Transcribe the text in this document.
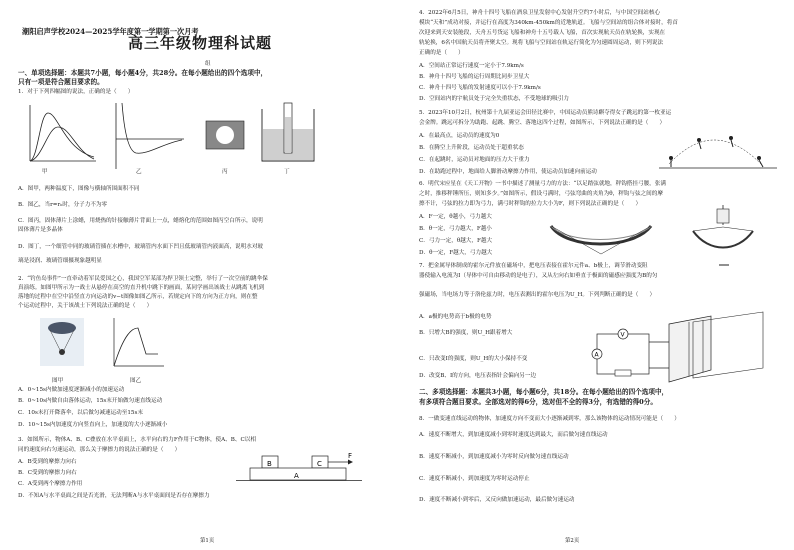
潮阳启声学校2024—2025学年度第一学期第一次月考
高三年级物理科试题
组
一、单项选择题：本题共7小题，每小题4分，共28分。在每小题给出的四个选项中，
只有一项是符合题目要求的。
1．对于下列四幅图的说法，正确的是（　　）
甲	乙	丙	丁
A．图甲，两种温度下，图像与横轴所围面积不同
B．图乙，当r=r₀时，分子力不为零
C．图丙，固体薄片上涂蜡，用烧热的针接触薄片背面上一点，蜡熔化的范围如图丙空白所示，说明
固体薄片是多晶体
D．图丁，一个细管中同的玻璃管插在水槽中，玻璃管内水面下凹且低玻璃管内液面高，说明水对玻
璃是浸润、玻璃管细摄现象越明显
2．“钓鱼岛事件”一直牵动着军民爱国之心，我国空军某部为捍卫领土完整，举行了一次空前的跳伞保
真演练。如图甲所示为一战士从悬停在高空的直升机中跳下的画面，某同学画出该战士从跳离飞机到
落地的过程中在空中沿竖直方向运动的v−t图像如图乙所示，若规定向下的方向为正方向，则在整
个运动过程中，关于该战士下列说法正确的是（　　）
图甲	图乙
A．0~15s内做加速度逐渐减小的加速运动
B．0~10s内做自由落体运动，15s末开始做匀速直线运动
C．10s末打开降落伞，以后做匀减速运动至15s末
D．10~15s内加速度方向竖直向上，加速度的大小逐渐减小
3．如图所示，物体A、B、C叠放在水平桌面上，水平向右的力F作用于C物体，使A、B、C以相
同的速度向右匀速运动，那么关于摩擦力的说法正确的是（　　）
A．B受到的摩擦力向右
B．C受到的摩擦力向右
C．A受到两个摩擦力作用
D．不知A与水平桌面之间是否光滑，无法判断A与水平桌面间是否存在摩擦力
B	C
A
F
第1页
4．2022年6月5日，神舟十四号飞船在酒泉卫星发射中心发射升空约7小时后，与中国空间站核心
模块“天和”成功对接，并运行在高度为340km-450km的近地轨道。飞船与空间站的组合体对接时，将首
次迎来到天安装舱段，天舟五号货运飞船和神舟十五号载人飞船，首次实现航天员在轨轮换，实现在
轨轮换，6名中国航天员将齐聚太空。现将飞船与空间站在轨运行简化为匀速圆周运动，则下列说法
正确的是（　　）
A．空间站正常运行速度一定小于7.9km/s
B．神舟十四号飞船的运行周期比同步卫星大
C．神舟十四号飞船的发射速度可以小于7.9km/s
D．空间站内的宇航员处于完全失重状态，不受地球的吸引力
5．2023年10月2日，杭州第十九届亚运会田径比赛中，中国运动员熊诗麒夺得女子跳远的第一枚亚运
会金牌。跳远可拆分为助跑、起跳、腾空、落地这四个过程，如图所示，下列说法正确的是（　　）
A．在最高点，运动员的速度为0
B．在腾空上升阶段，运动员处于超重状态
C．在起跳时，运动员对地面的压力大于重力
D．在助跑过程中，地面给人脚滑动摩擦力作用，使运动员加速向前运动
6．明代宋应星在《天工开物》一书中描述了测量弓力的方法：“以足踏弦就地，秤钩搭挂弓腰，张满
之时，推移秤锤所压，则知多少。”如图所示，假设弓满时，弓弦弯曲的夹角为θ，秤钩与弦之间的摩
擦不计，弓弦的拉力即为弓力，满弓时秤钩的拉力大小为F，则下列说法正确的是（　　）
A．F一定，θ越小，弓力越大
B．θ一定，弓力越大，F越小
C．弓力一定，θ越大，F越大
D．θ一定，F越大，弓力越大
7．把金属导体制成的霍尔元件放在磁场中，把电压表接在霍尔元件a、b极上，调节滑动变阻
器使输入电流为I（导体中可自由移动的是电子），又从左向右如垂直于极面的磁感应强度为B的匀
强磁场，当电场力等于洛伦兹力时，电压表测出的霍尔电压为U_H。下列判断正确的是（　　）
A．a极的电势高于b极的电势
B．只增大B的强度，则U_H跟着增大
C．只改变I的强度，则U_H的大小保持不变
D．改变B、I的方向，电压表指针会偏向另一边
A
V
二、多项选择题：本题共3小题，每小题6分，共18分。在每小题给出的四个选项中，
有多项符合题目要求。全部选对的得6分，选对但不全的得3分，有选错的得0分。
8．一做变速直线运动的物体，加速度方向不变而大小逐渐减到零，那么该物体的运动情况可能是（　　）
A．速度不断增大，到加速度减小到零时速度达到最大，而后做匀速直线运动
B．速度不断减小，到加速度减小为零时反向做匀速直线运动
C．速度不断减小，到加速度为零时运动停止
D．速度不断减小到零后，又反向做加速运动，最后做匀速运动
第2页
